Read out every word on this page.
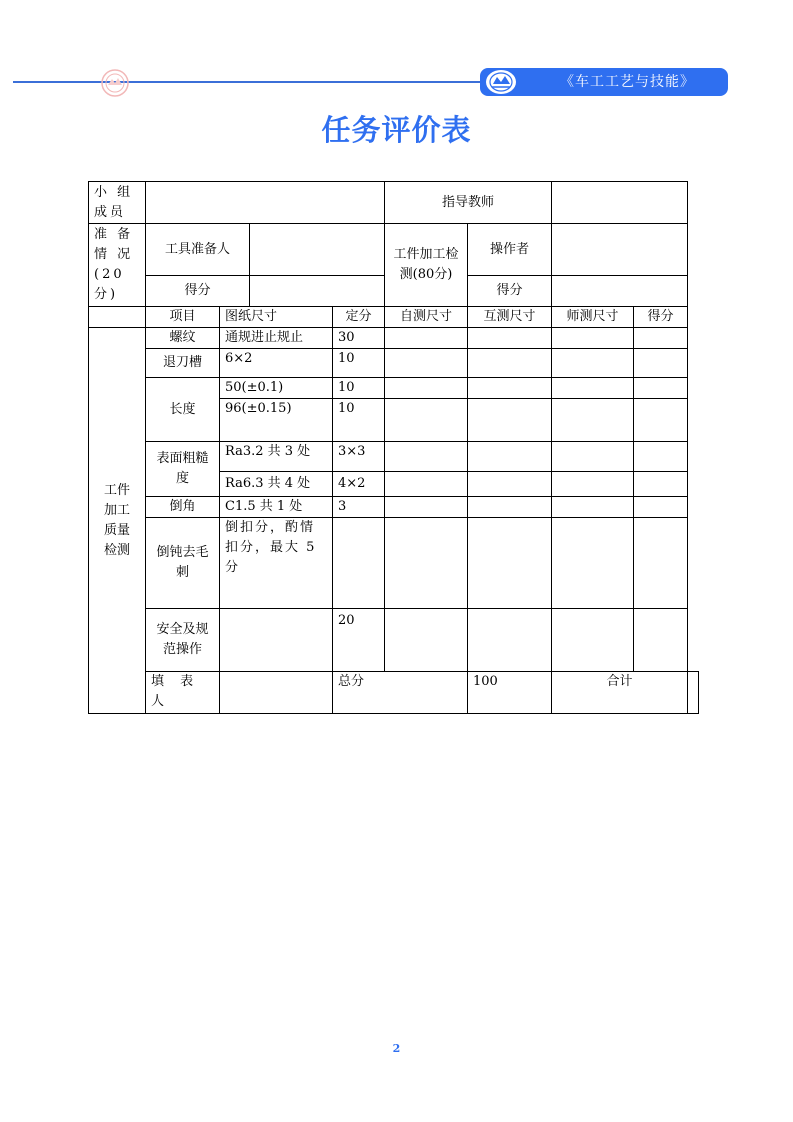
《车工工艺与技能》
任务评价表
小 组 成员					指导教师				
准 备 情 况 (20分)	工具准备人				工件加工检测(80分)	操作者			
	得分					得分			
	项目	图纸尺寸		定分	自测尺寸	互测尺寸	师测尺寸	得分	
工件加工质量检测	螺纹	通规进止规止		30					
	退刀槽	6×2		10					
	长度	50(±0.1)		10					
		96(±0.15)		10					
	表面粗糙度	Ra3.2 共 3 处		3×3					
		Ra6.3 共 4 处		4×2					
	倒角	C1.5 共 1 处		3					
	倒钝去毛刺	倒扣分，酌情扣分，最大 5分							
	安全及规范操作			20					
	填 表 人			总分		100	合计		
2
